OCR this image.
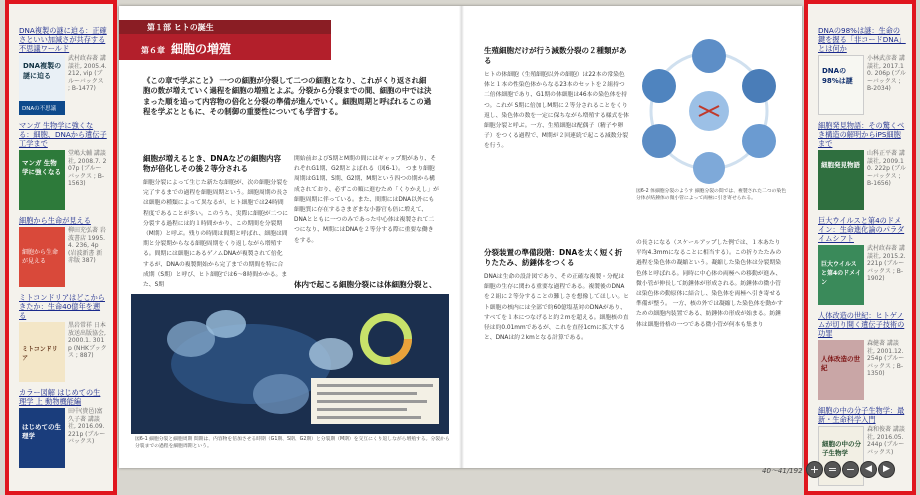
DNA複製の謎に迫る：正確さといい加減さが共存する不思議ワールド
DNA複製の謎に迫る
DNAの不思議
武村政春著 講談社, 2005.4. 212, vip (ブルーバックス ; B-1477)
マンガ 生物学に強くなる：細胞、DNAから遺伝子工学まで
マンガ 生物学に強くなる
堂嶋大輔 講談社, 2008.7. 207p (ブルーバックス ; B-1563)
細胞から生命が見える
細胞から生命が見える
柳田充弘著 岩波書店 1995.4. 236, 4p (岩波新書 新赤版 387)
ミトコンドリアはどこからきたか：生命40億年を遡る
ミトコンドリア
黒岩常祥 日本放送出版協会, 2000.1. 301p (NHKブックス ; 887)
カラー図解 はじめての生理学 上 動物機能編
はじめての生理学
田中(貴邑)富久子著 講談社, 2016.09. 221p (ブルーバックス)
DNAの98%は謎：生命の鍵を握る「非コードDNA」とは何か
DNAの98%は謎
小林武彦著 講談社, 2017.10. 206p (ブルーバックス ; B-2034)
細胞発見物語：その驚くべき構造の解明からiPS細胞まで
細胞発見物語
山科正平著 講談社, 2009.10. 222p (ブルーバックス ; B-1656)
巨大ウイルスと第4のドメイン：生命進化論のパラダイムシフト
巨大ウイルスと第4のドメイン
武村政春著 講談社, 2015.2. 221p (ブルーバックス ; B-1902)
人体改造の世紀：ヒトゲノムが切り開く遺伝子技術の功罪
人体改造の世紀
森健著 講談社, 2001.12. 254p (ブルーバックス ; B-1350)
細胞の中の分子生物学：最新・生命科学入門
細胞の中の分子生物学
森和俊著 講談社, 2016.05. 244p (ブルーバックス)
第１部 ヒトの誕生
第６章 細胞の増殖
《この章で学ぶこと》 一つの細胞が分裂して二つの細胞となり、これがくり返され細胞の数が増えていく過程を細胞の増殖とよぶ。分裂から分裂までの間、細胞の中では決まった順を追って内容物の倍化と分裂の準備が進んでいく。細胞周期と呼ばれるこの過程を学ぶとともに、その制御の重要性についても学習する。
細胞が増えるとき、DNAなどの細胞内容物が倍化しその後２等分される
細胞分裂によって生じた新たな細胞が、次の細胞分裂を完了するまでの過程を細胞周期という。細胞周期の長さは細胞の種類によって異なるが、ヒト細胞では24時間程度であることが多い。このうち、実際に細胞が二つに分裂する過程には約１時間かかり、この期間を分裂期（M期）と呼ぶ。残りの時間は間期と呼ばれ、細胞は間期と分裂期からなる細胞周期をくり返しながら増殖する。間期には細胞にあるゲノムDNAが複製されて倍化するが、DNAの複製開始から完了までの期間を特に合成期（S期）と呼び、ヒト細胞では6～8時間かかる。また、S期
開始前およびS期とM期の間にはギャップ期があり、それぞれG1期、G2期とよばれる（図6-1）。 つまり細胞周期はG1期、S期、G2期、M期という四つの期から構成されており、必ずこの順に進むため「くりかえし」が細胞周期に伴っている。また、間期にはDNA以外にも細胞質に存在するさまざまな小器官も倍に増えて、DNAとともに一つのみであった中心体は複製されて二つになり、M期にはDNAを２等分する際に重要な働きをする。
体内で起こる細胞分裂には体細胞分裂と、
図6-1 細胞分裂と細胞周期 間期は、内容物を倍加させる時期（G1期、S期、G2期）と分裂期（M期）を交互にくり返しながら増殖する。分裂から分裂までの過程を細胞周期という。
生殖細胞だけが行う減数分裂の２種類がある
ヒトの体細胞（生殖細胞以外の細胞）は22本の常染色体と１本の性染色体からなる23本のセットを２組持つ二倍体細胞であり、G1期の体細胞は46本の染色体を持つ。これが S期に倍加しM期に２等分されることをくり返し、染色体の数を一定に保ちながら増殖する様式を体細胞分裂と呼ぶ。一方、生殖細胞は配偶子（精子や卵子）をつくる過程で、M期が２回連続で起こる減数分裂を行う。
分裂装置の準備段階：DNAを太く短く折りたたみ、紡錘体をつくる
DNAは生命の設計図であり、その正確な複製・分配は細胞の生存に関わる重要な過程である。複製後のDNAを２組に２等分することの難しさを想像してほしい。ヒト細胞の核内には全部で約60億塩基対のDNAがあり、すべてを１本につなげると約２mを超える。細胞核の直径は約0.01mmであるが、これを直径1cmに拡大すると、DNAは約２kmとなる計算である。
図6-2 体細胞分裂のようす 細胞分裂の間では、複製された二つの染色分体が紡錘体の微小管によって両極に引き寄せられる。
の長さになる（スケールアップした例では、１本あたり平均4.3mmになることに相当する）。この折りたたみの過程を染色体の凝縮という。凝縮した染色体は分裂期染色体と呼ばれる。同時に中心体の両極への移動が進み、微小管が伸長して紡錘体が形成される。紡錘体の微小管は染色体の動原体に結合し、染色体を両極へ引き寄せる準備が整う。 一方、核の外では凝縮した染色体を動かすための細胞内装置である、紡錘体の形成が始まる。紡錘体は細胞骨格の一つである微小管が何本も集まり
40〜41/192 + = − ◀ ▶
